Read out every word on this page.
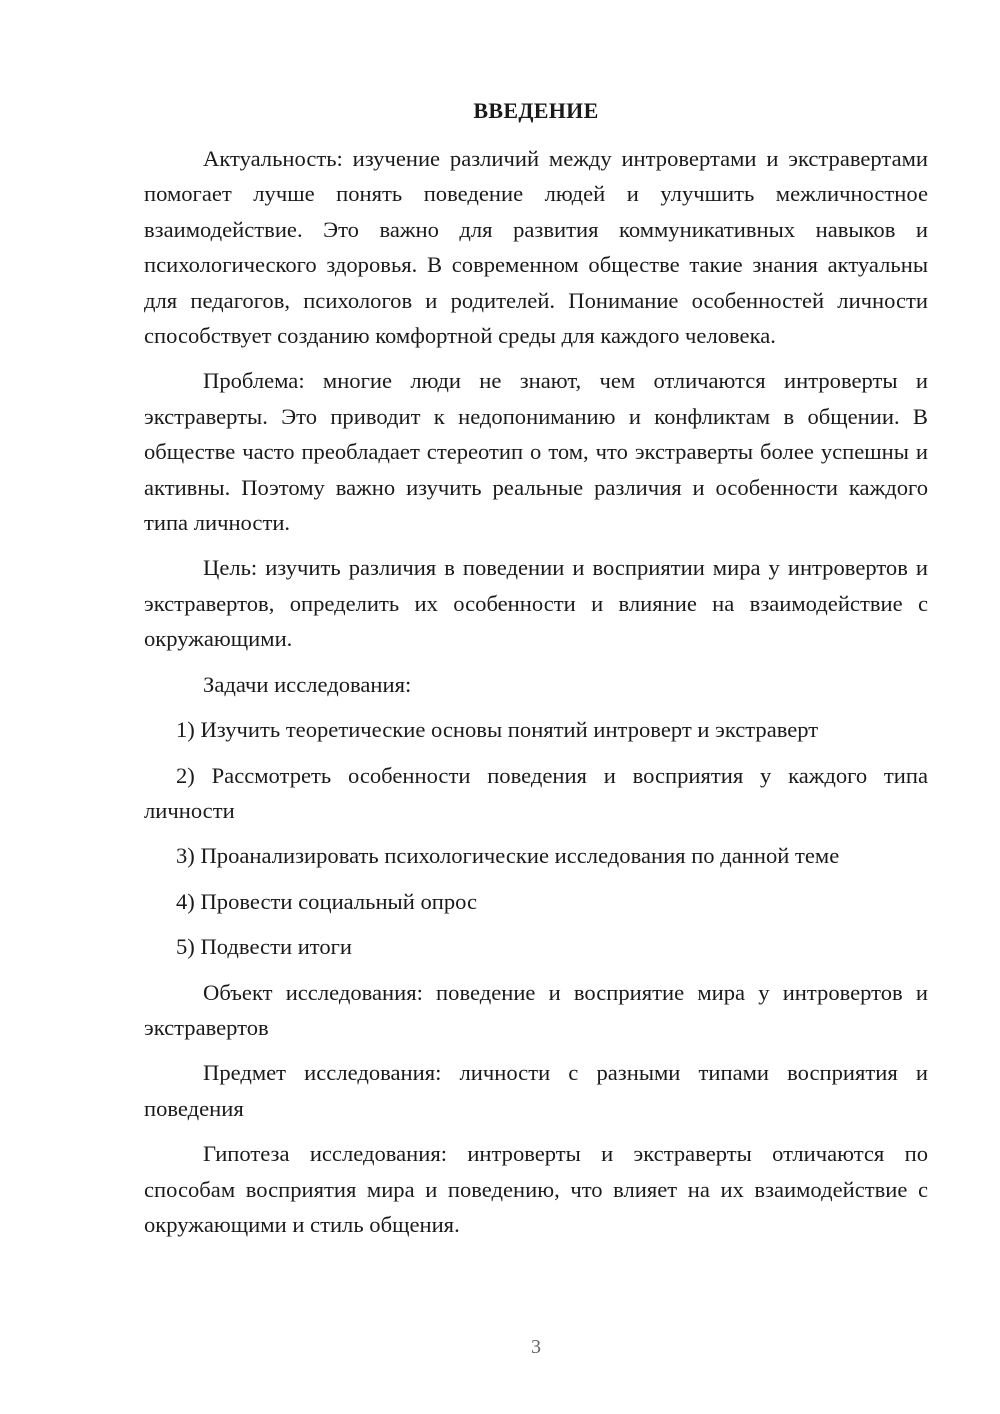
ВВЕДЕНИЕ

Актуальность: изучение различий между интровертами и экстравертами помогает лучше понять поведение людей и улучшить межличностное взаимодействие. Это важно для развития коммуникативных навыков и психологического здоровья. В современном обществе такие знания актуальны для педагогов, психологов и родителей. Понимание особенностей личности способствует созданию комфортной среды для каждого человека.

Проблема: многие люди не знают, чем отличаются интроверты и экстраверты. Это приводит к недопониманию и конфликтам в общении. В обществе часто преобладает стереотип о том, что экстраверты более успешны и активны. Поэтому важно изучить реальные различия и особенности каждого типа личности.

Цель: изучить различия в поведении и восприятии мира у интровертов и экстравертов, определить их особенности и влияние на взаимодействие с окружающими.

Задачи исследования:

1) Изучить теоретические основы понятий интроверт и экстраверт

2) Рассмотреть особенности поведения и восприятия у каждого типа личности

3) Проанализировать психологические исследования по данной теме

4) Провести социальный опрос

5) Подвести итоги

Объект исследования: поведение и восприятие мира у интровертов и экстравертов

Предмет исследования: личности с разными типами восприятия и поведения

Гипотеза исследования: интроверты и экстраверты отличаются по способам восприятия мира и поведению, что влияет на их взаимодействие с окружающими и стиль общения.

3
